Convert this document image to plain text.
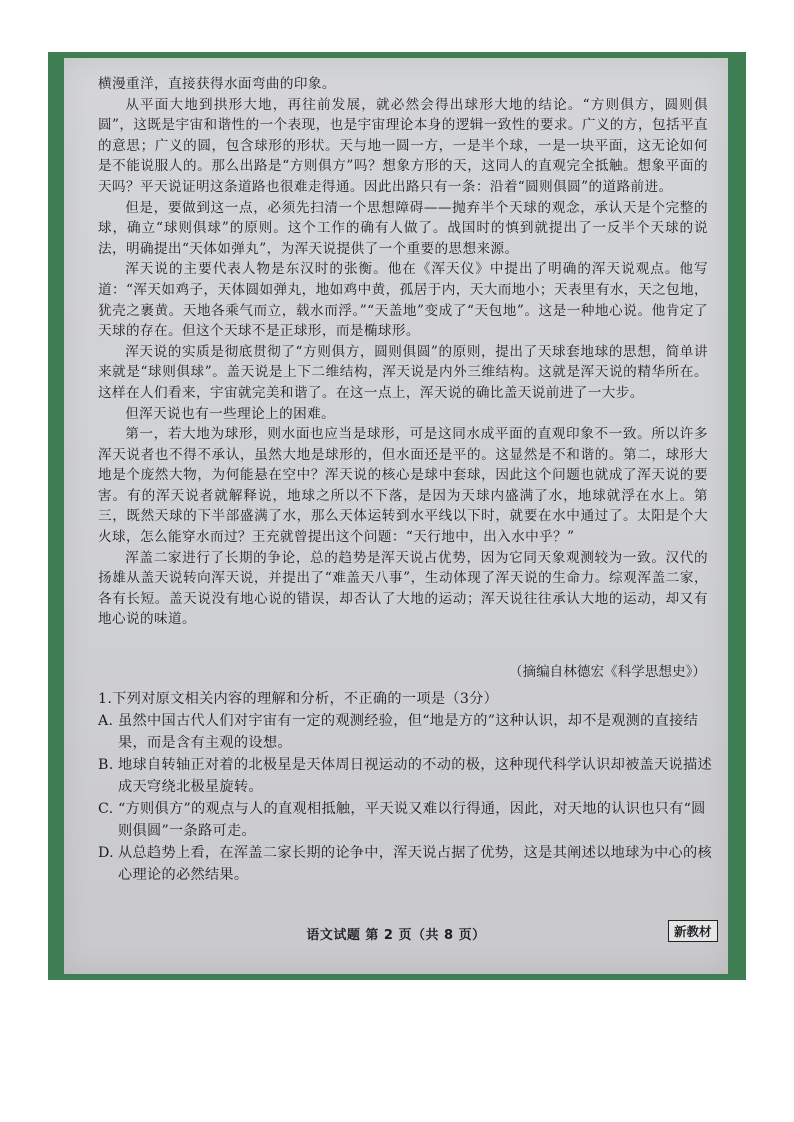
横漫重洋，直接获得水面弯曲的印象。

从平面大地到拱形大地，再往前发展，就必然会得出球形大地的结论。“方则俱方，圆则俱圆”，这既是宇宙和谐性的一个表现，也是宇宙理论本身的逻辑一致性的要求。广义的方，包括平直的意思；广义的圆，包含球形的形状。天与地一圆一方，一是半个球，一是一块平面，这无论如何是不能说服人的。那么出路是“方则俱方”吗？想象方形的天，这同人的直观完全抵触。想象平面的天吗？平天说证明这条道路也很难走得通。因此出路只有一条：沿着“圆则俱圆”的道路前进。

但是，要做到这一点，必须先扫清一个思想障碍——抛弃半个天球的观念，承认天是个完整的球，确立“球则俱球”的原则。这个工作的确有人做了。战国时的慎到就提出了一反半个天球的说法，明确提出“天体如弹丸”，为浑天说提供了一个重要的思想来源。

浑天说的主要代表人物是东汉时的张衡。他在《浑天仪》中提出了明确的浑天说观点。他写道：“浑天如鸡子，天体圆如弹丸，地如鸡中黄，孤居于内，天大而地小；天表里有水，天之包地，犹壳之裹黄。天地各乘气而立，载水而浮。”“天盖地”变成了“天包地”。这是一种地心说。他肯定了天球的存在。但这个天球不是正球形，而是椭球形。

浑天说的实质是彻底贯彻了“方则俱方，圆则俱圆”的原则，提出了天球套地球的思想，简单讲来就是“球则俱球”。盖天说是上下二维结构，浑天说是内外三维结构。这就是浑天说的精华所在。这样在人们看来，宇宙就完美和谐了。在这一点上，浑天说的确比盖天说前进了一大步。

但浑天说也有一些理论上的困难。

第一，若大地为球形，则水面也应当是球形，可是这同水成平面的直观印象不一致。所以许多浑天说者也不得不承认，虽然大地是球形的，但水面还是平的。这显然是不和谐的。第二，球形大地是个庞然大物，为何能悬在空中？浑天说的核心是球中套球，因此这个问题也就成了浑天说的要害。有的浑天说者就解释说，地球之所以不下落，是因为天球内盛满了水，地球就浮在水上。第三，既然天球的下半部盛满了水，那么天体运转到水平线以下时，就要在水中通过了。太阳是个大火球，怎么能穿水而过？王充就曾提出这个问题：“天行地中，出入水中乎？”

浑盖二家进行了长期的争论，总的趋势是浑天说占优势，因为它同天象观测较为一致。汉代的扬雄从盖天说转向浑天说，并提出了“难盖天八事”，生动体现了浑天说的生命力。综观浑盖二家，各有长短。盖天说没有地心说的错误，却否认了大地的运动；浑天说往往承认大地的运动，却又有地心说的味道。

（摘编自林德宏《科学思想史》）

1.下列对原文相关内容的理解和分析，不正确的一项是（3分）

A. 虽然中国古代人们对宇宙有一定的观测经验，但“地是方的”这种认识，却不是观测的直接结果，而是含有主观的设想。
B. 地球自转轴正对着的北极星是天体周日视运动的不动的极，这种现代科学认识却被盖天说描述成天穹绕北极星旋转。
C. “方则俱方”的观点与人的直观相抵触，平天说又难以行得通，因此，对天地的认识也只有“圆则俱圆”一条路可走。
D. 从总趋势上看，在浑盖二家长期的论争中，浑天说占据了优势，这是其阐述以地球为中心的核心理论的必然结果。
语文试题 第 2 页（共 8 页）	新教材
